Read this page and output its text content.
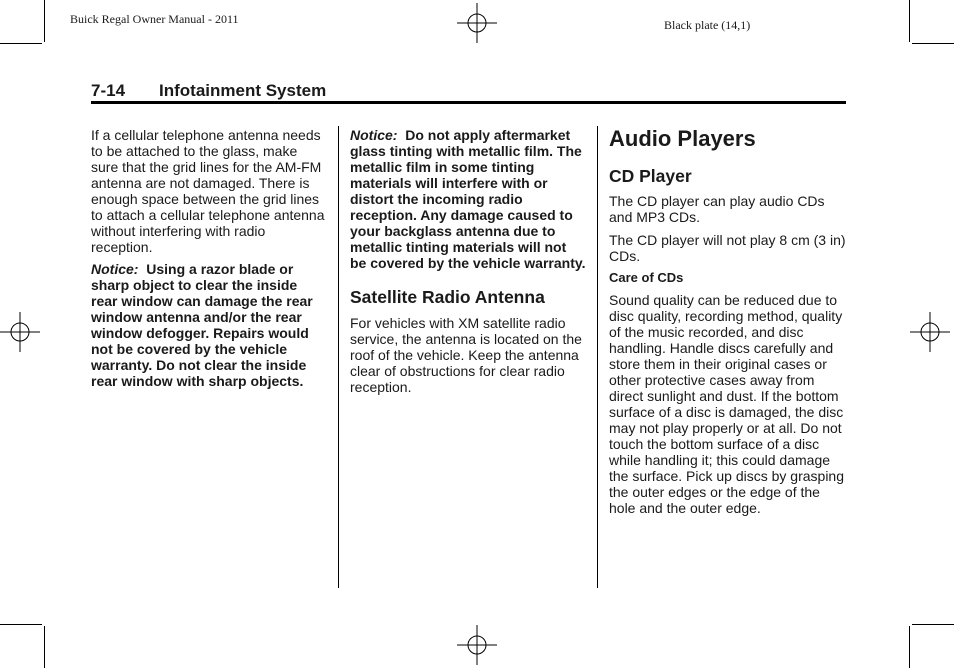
Buick Regal Owner Manual - 2011	Black plate (14,1)
7-14 Infotainment System

If a cellular telephone antenna needs to be attached to the glass, make sure that the grid lines for the AM-FM antenna are not damaged. There is enough space between the grid lines to attach a cellular telephone antenna without interfering with radio reception.

Notice: Using a razor blade or sharp object to clear the inside rear window can damage the rear window antenna and/or the rear window defogger. Repairs would not be covered by the vehicle warranty. Do not clear the inside rear window with sharp objects.

Notice: Do not apply aftermarket glass tinting with metallic film. The metallic film in some tinting materials will interfere with or distort the incoming radio reception. Any damage caused to your backglass antenna due to metallic tinting materials will not be covered by the vehicle warranty.

Satellite Radio Antenna

For vehicles with XM satellite radio service, the antenna is located on the roof of the vehicle. Keep the antenna clear of obstructions for clear radio reception.

Audio Players
CD Player

The CD player can play audio CDs and MP3 CDs.

The CD player will not play 8 cm (3 in) CDs.

Care of CDs

Sound quality can be reduced due to disc quality, recording method, quality of the music recorded, and disc handling. Handle discs carefully and store them in their original cases or other protective cases away from direct sunlight and dust. If the bottom surface of a disc is damaged, the disc may not play properly or at all. Do not touch the bottom surface of a disc while handling it; this could damage the surface. Pick up discs by grasping the outer edges or the edge of the hole and the outer edge.
